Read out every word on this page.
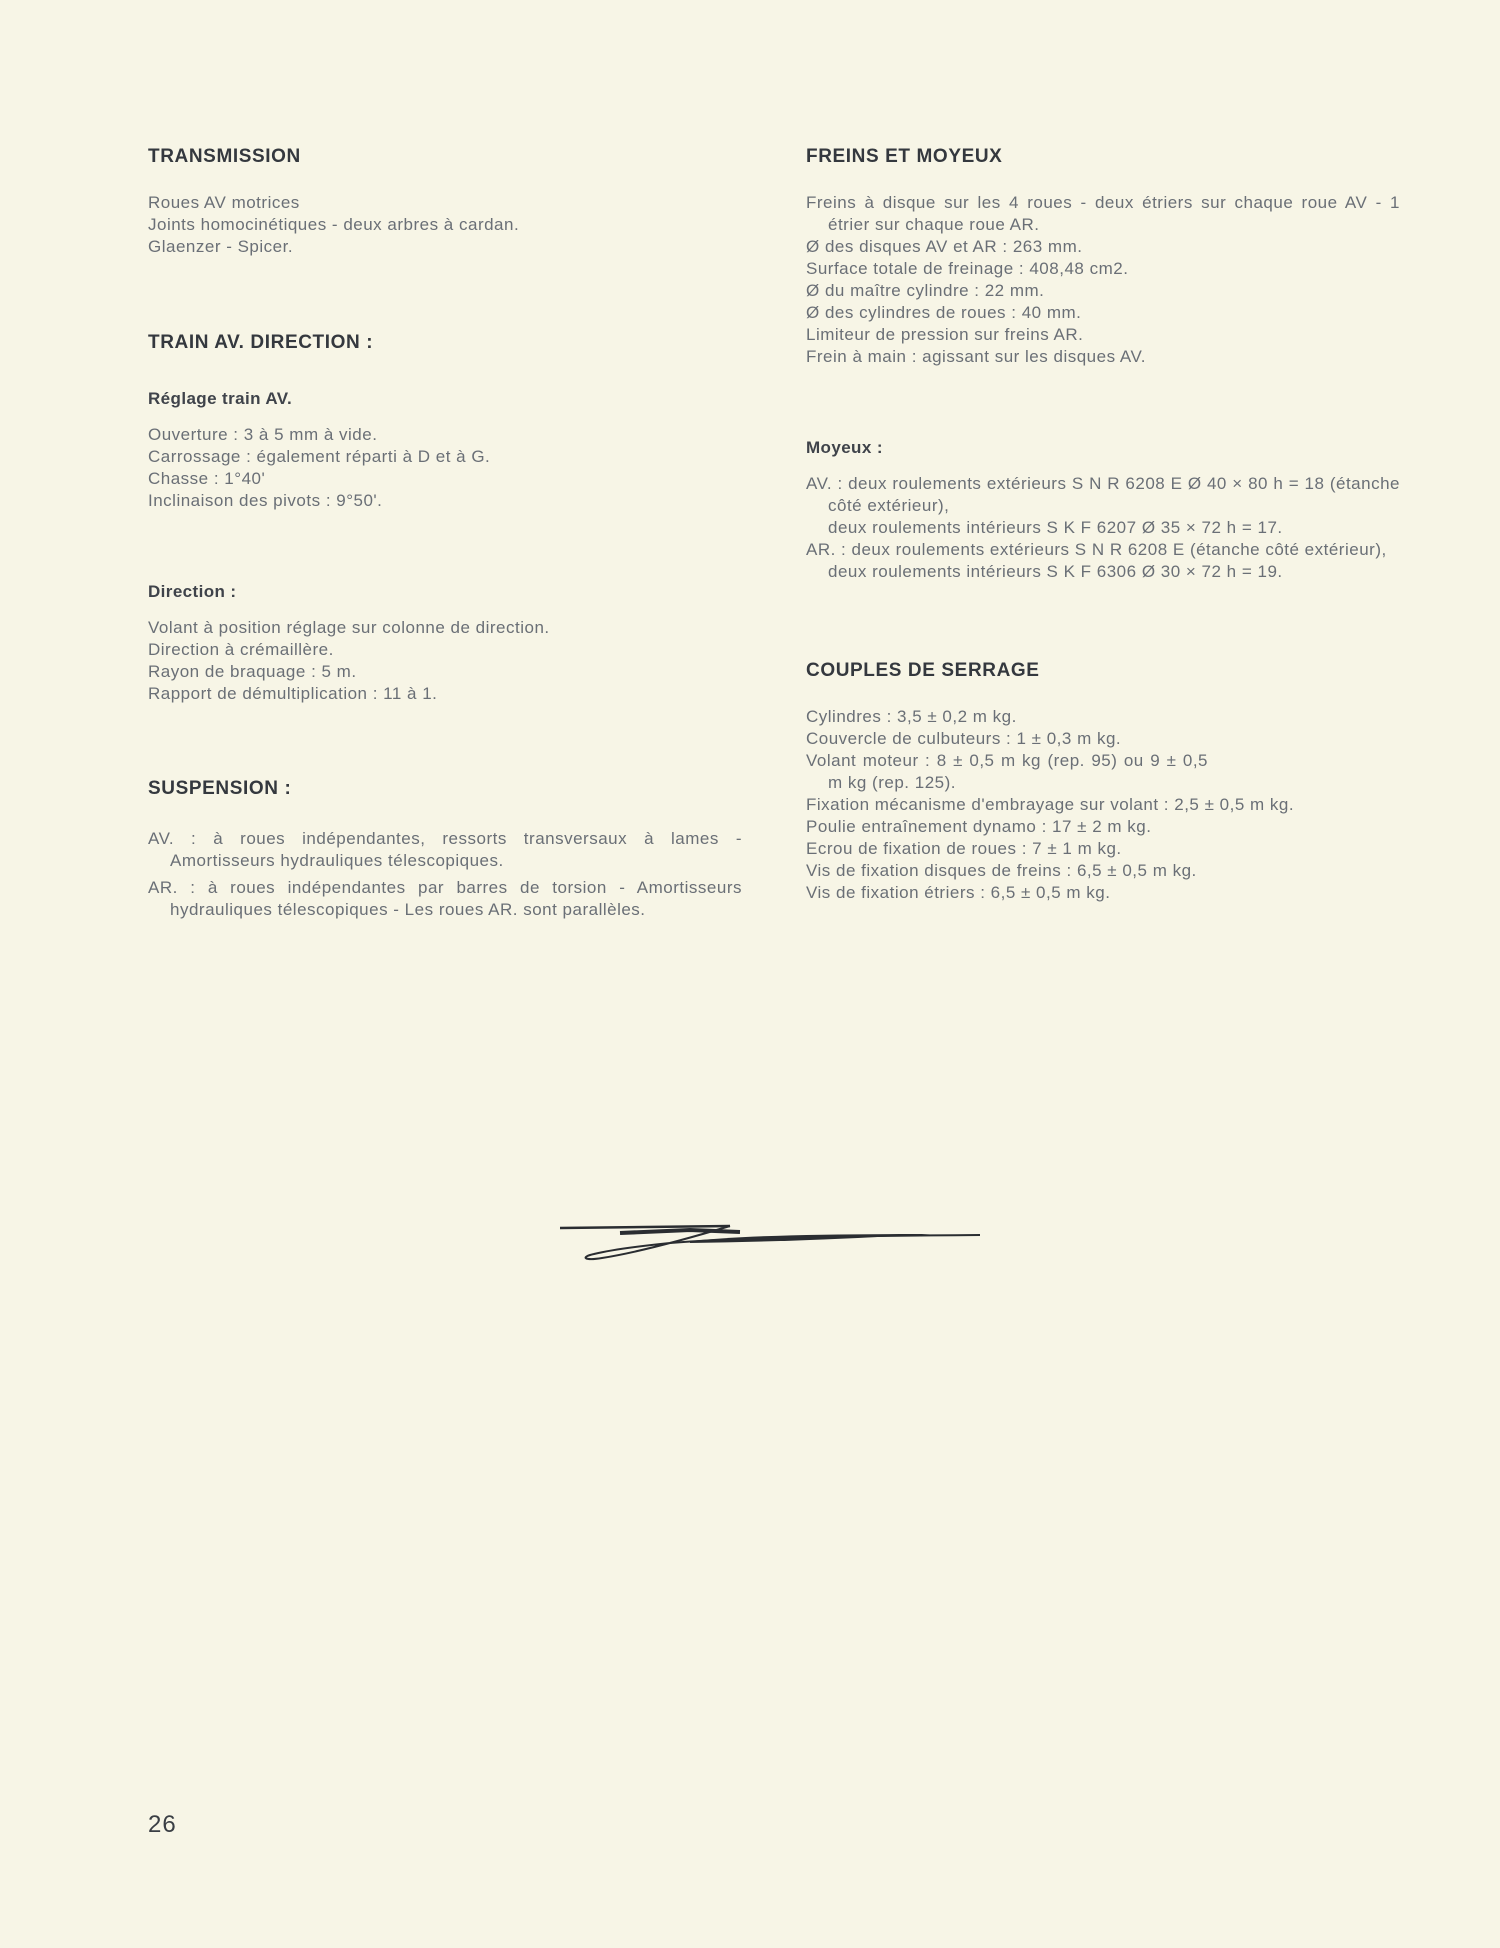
TRANSMISSION

Roues AV motrices

Joints homocinétiques - deux arbres à cardan.

Glaenzer - Spicer.

TRAIN AV. DIRECTION :

Réglage train AV.

Ouverture : 3 à 5 mm à vide.

Carrossage : également réparti à D et à G.

Chasse : 1°40'

Inclinaison des pivots : 9°50'.

Direction :

Volant à position réglage sur colonne de direction.

Direction à crémaillère.

Rayon de braquage : 5 m.

Rapport de démultiplication : 11 à 1.

SUSPENSION :

AV. : à roues indépendantes, ressorts transversaux à lames - Amortisseurs hydrauliques télescopiques.

AR. : à roues indépendantes par barres de torsion - Amortisseurs hydrauliques télescopiques - Les roues AR. sont parallèles.

FREINS ET MOYEUX

Freins à disque sur les 4 roues - deux étriers sur chaque roue AV - 1 étrier sur chaque roue AR.

Ø des disques AV et AR : 263 mm.

Surface totale de freinage : 408,48 cm2.

Ø du maître cylindre : 22 mm.

Ø des cylindres de roues : 40 mm.

Limiteur de pression sur freins AR.

Frein à main : agissant sur les disques AV.

Moyeux :

AV. : deux roulements extérieurs S N R 6208 E Ø 40 × 80 h = 18 (étanche côté extérieur),

deux roulements intérieurs S K F 6207 Ø 35 × 72 h = 17.

AR. : deux roulements extérieurs S N R 6208 E (étanche côté extérieur),

deux roulements intérieurs S K F 6306 Ø 30 × 72 h = 19.

COUPLES DE SERRAGE

Cylindres : 3,5 ± 0,2 m kg.

Couvercle de culbuteurs : 1 ± 0,3 m kg.

Volant moteur : 8 ± 0,5 m kg (rep. 95) ou 9 ± 0,5 m kg (rep. 125).

Fixation mécanisme d'embrayage sur volant : 2,5 ± 0,5 m kg.

Poulie entraînement dynamo : 17 ± 2 m kg.

Ecrou de fixation de roues : 7 ± 1 m kg.

Vis de fixation disques de freins : 6,5 ± 0,5 m kg.

Vis de fixation étriers : 6,5 ± 0,5 m kg.

26
